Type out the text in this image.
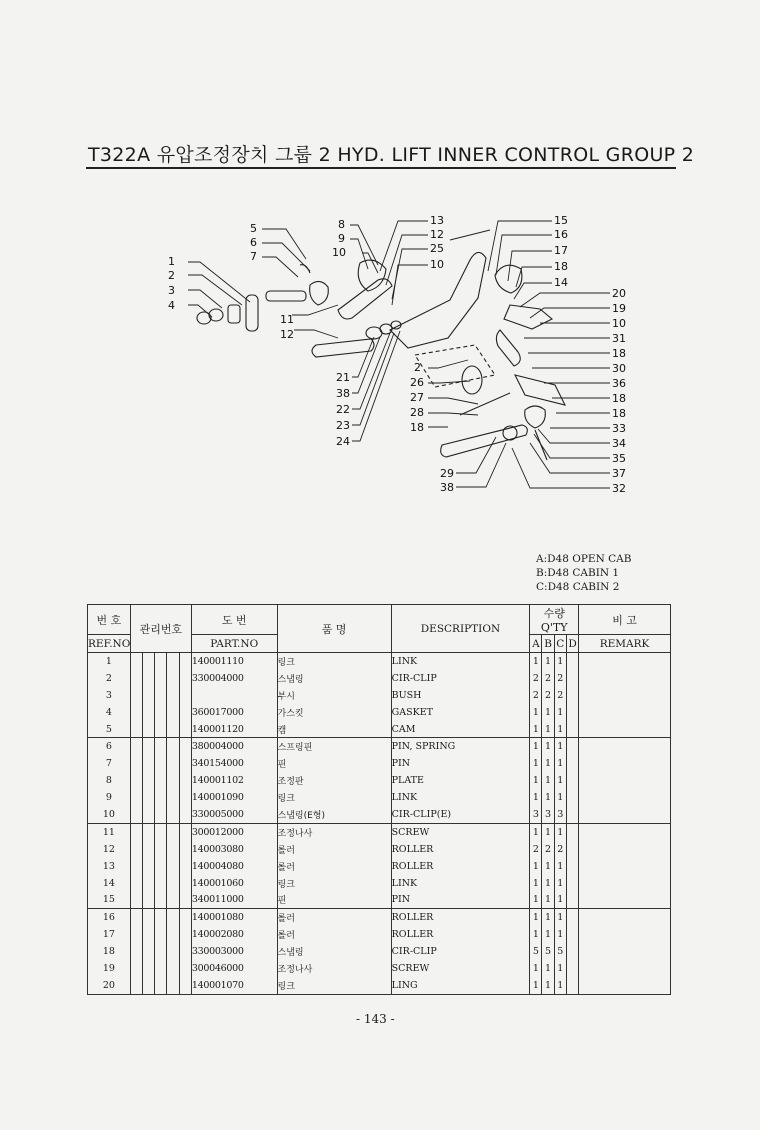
T322A 유압조정장치 그룹 2 HYD. LIFT INNER CONTROL GROUP 2
1
2
3
4
5
6
7
8
9
10
11
12
13
12
25
10
15
16
17
18
14
20
19
10
31
18
30
36
18
18
33
34
35
37
32
21
38
22
23
24
2
26
27
28
18
29
38
A:D48 OPEN CAB
B:D48 CABIN 1
C:D48 CABIN 2
번 호	관리번호					도 번	품 명	DESCRIPTION	수량 Q'TY				비 고
REF.NO						PART.NO			A	B	C	D	REMARK
1						140001110	링크	LINK	1	1	1		
2						330004000	스냅링	CIR-CLIP	2	2	2		
3							부시	BUSH	2	2	2		
4						360017000	가스킷	GASKET	1	1	1		
5						140001120	캠	CAM	1	1	1		
6						380004000	스프링핀	PIN, SPRING	1	1	1		
7						340154000	핀	PIN	1	1	1		
8						140001102	조정판	PLATE	1	1	1		
9						140001090	링크	LINK	1	1	1		
10						330005000	스냅링(E형)	CIR-CLIP(E)	3	3	3		
11						300012000	조정나사	SCREW	1	1	1		
12						140003080	롤러	ROLLER	2	2	2		
13						140004080	롤러	ROLLER	1	1	1		
14						140001060	링크	LINK	1	1	1		
15						340011000	핀	PIN	1	1	1		
16						140001080	롤러	ROLLER	1	1	1		
17						140002080	롤러	ROLLER	1	1	1		
18						330003000	스냅링	CIR-CLIP	5	5	5		
19						300046000	조정나사	SCREW	1	1	1		
20						140001070	링크	LING	1	1	1		
- 143 -
